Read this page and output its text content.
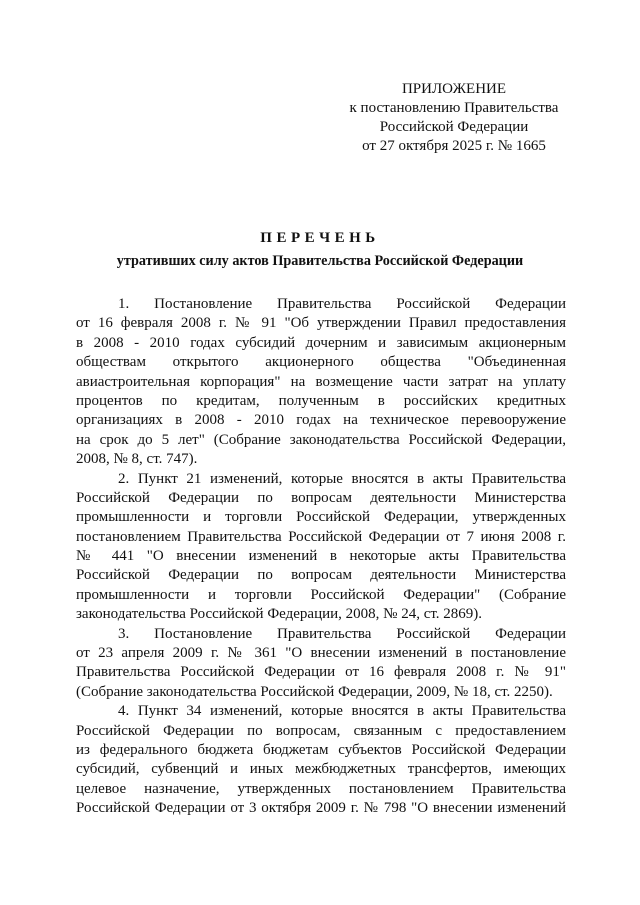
ПРИЛОЖЕНИЕ
к постановлению Правительства
Российской Федерации
от 27 октября 2025 г. № 1665
ПЕРЕЧЕНЬ
утративших силу актов Правительства Российской Федерации
1. Постановление Правительства Российской Федерации
от 16 февраля 2008 г. № 91 "Об утверждении Правил предоставления
в 2008 - 2010 годах субсидий дочерним и зависимым акционерным
обществам открытого акционерного общества "Объединенная
авиастроительная корпорация" на возмещение части затрат на уплату
процентов по кредитам, полученным в российских кредитных
организациях в 2008 - 2010 годах на техническое перевооружение
на срок до 5 лет" (Собрание законодательства Российской Федерации,
2008, № 8, ст. 747).
2. Пункт 21 изменений, которые вносятся в акты Правительства
Российской Федерации по вопросам деятельности Министерства
промышленности и торговли Российской Федерации, утвержденных
постановлением Правительства Российской Федерации от 7 июня 2008 г.
№ 441 "О внесении изменений в некоторые акты Правительства
Российской Федерации по вопросам деятельности Министерства
промышленности и торговли Российской Федерации" (Собрание
законодательства Российской Федерации, 2008, № 24, ст. 2869).
3. Постановление Правительства Российской Федерации
от 23 апреля 2009 г. № 361 "О внесении изменений в постановление
Правительства Российской Федерации от 16 февраля 2008 г. № 91"
(Собрание законодательства Российской Федерации, 2009, № 18, ст. 2250).
4. Пункт 34 изменений, которые вносятся в акты Правительства
Российской Федерации по вопросам, связанным с предоставлением
из федерального бюджета бюджетам субъектов Российской Федерации
субсидий, субвенций и иных межбюджетных трансфертов, имеющих
целевое назначение, утвержденных постановлением Правительства
Российской Федерации от 3 октября 2009 г. № 798 "О внесении изменений
